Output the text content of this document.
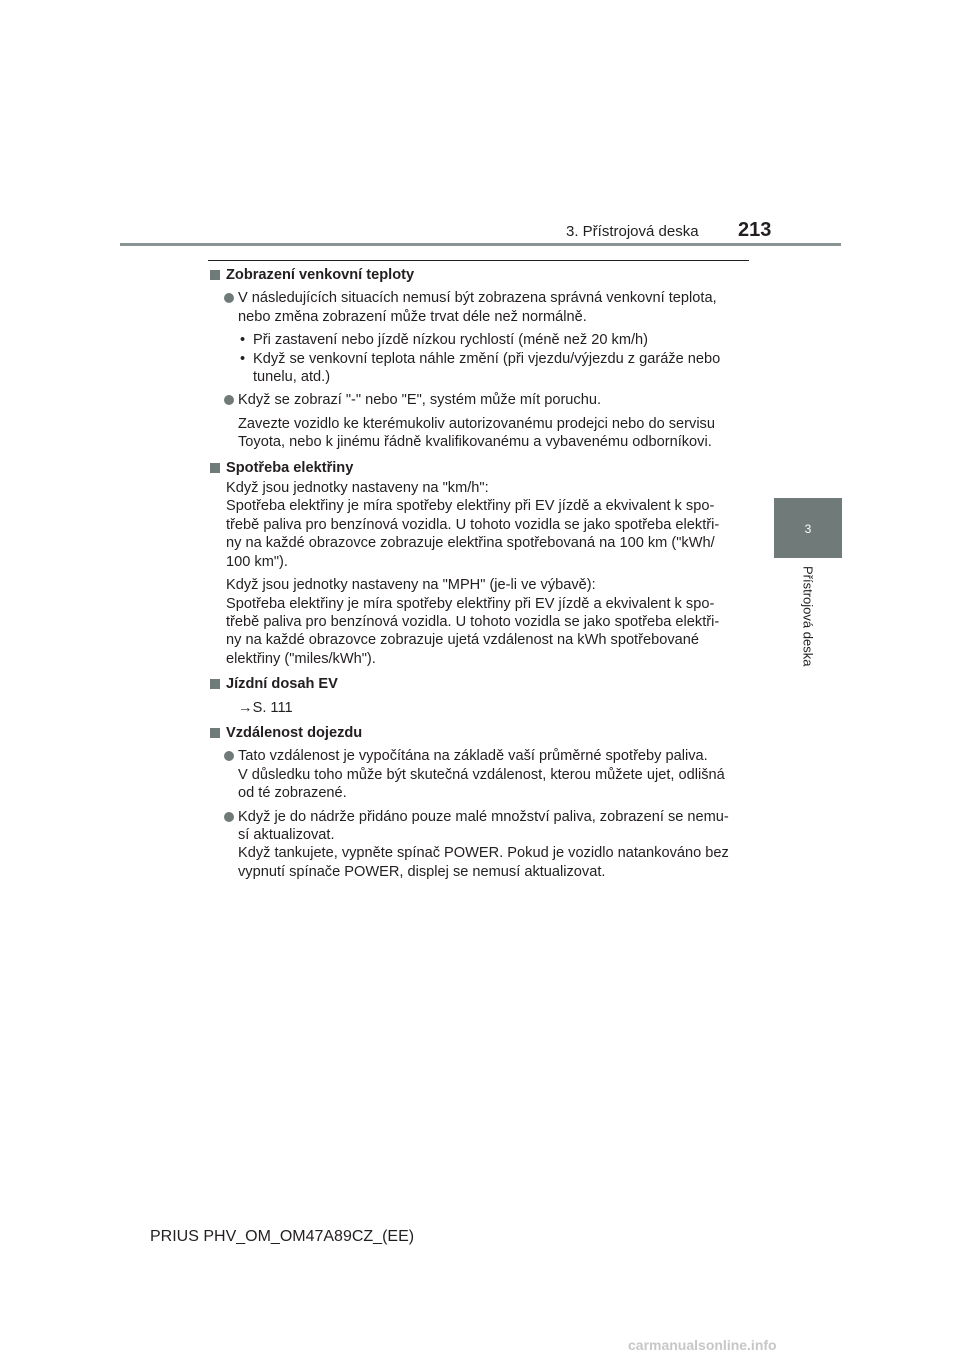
3. Přístrojová deska 213
3
Přístrojová deska
Zobrazení venkovní teploty
V následujících situacích nemusí být zobrazena správná venkovní teplota,
nebo změna zobrazení může trvat déle než normálně.
• Při zastavení nebo jízdě nízkou rychlostí (méně než 20 km/h)
• Když se venkovní teplota náhle změní (při vjezdu/výjezdu z garáže nebo
tunelu, atd.)
Když se zobrazí "-" nebo "E", systém může mít poruchu.
Zavezte vozidlo ke kterémukoliv autorizovanému prodejci nebo do servisu
Toyota, nebo k jinému řádně kvalifikovanému a vybavenému odborníkovi.
Spotřeba elektřiny
Když jsou jednotky nastaveny na "km/h":
Spotřeba elektřiny je míra spotřeby elektřiny při EV jízdě a ekvivalent k spo-
třebě paliva pro benzínová vozidla. U tohoto vozidla se jako spotřeba elektři-
ny na každé obrazovce zobrazuje elektřina spotřebovaná na 100 km ("kWh/
100 km").
Když jsou jednotky nastaveny na "MPH" (je-li ve výbavě):
Spotřeba elektřiny je míra spotřeby elektřiny při EV jízdě a ekvivalent k spo-
třebě paliva pro benzínová vozidla. U tohoto vozidla se jako spotřeba elektři-
ny na každé obrazovce zobrazuje ujetá vzdálenost na kWh spotřebované
elektřiny ("miles/kWh").
Jízdní dosah EV
→S. 111
Vzdálenost dojezdu
Tato vzdálenost je vypočítána na základě vaší průměrné spotřeby paliva.
V důsledku toho může být skutečná vzdálenost, kterou můžete ujet, odlišná
od té zobrazené.
Když je do nádrže přidáno pouze malé množství paliva, zobrazení se nemu-
sí aktualizovat.
Když tankujete, vypněte spínač POWER. Pokud je vozidlo natankováno bez
vypnutí spínače POWER, displej se nemusí aktualizovat.
PRIUS PHV_OM_OM47A89CZ_(EE)
carmanualsonline.info
